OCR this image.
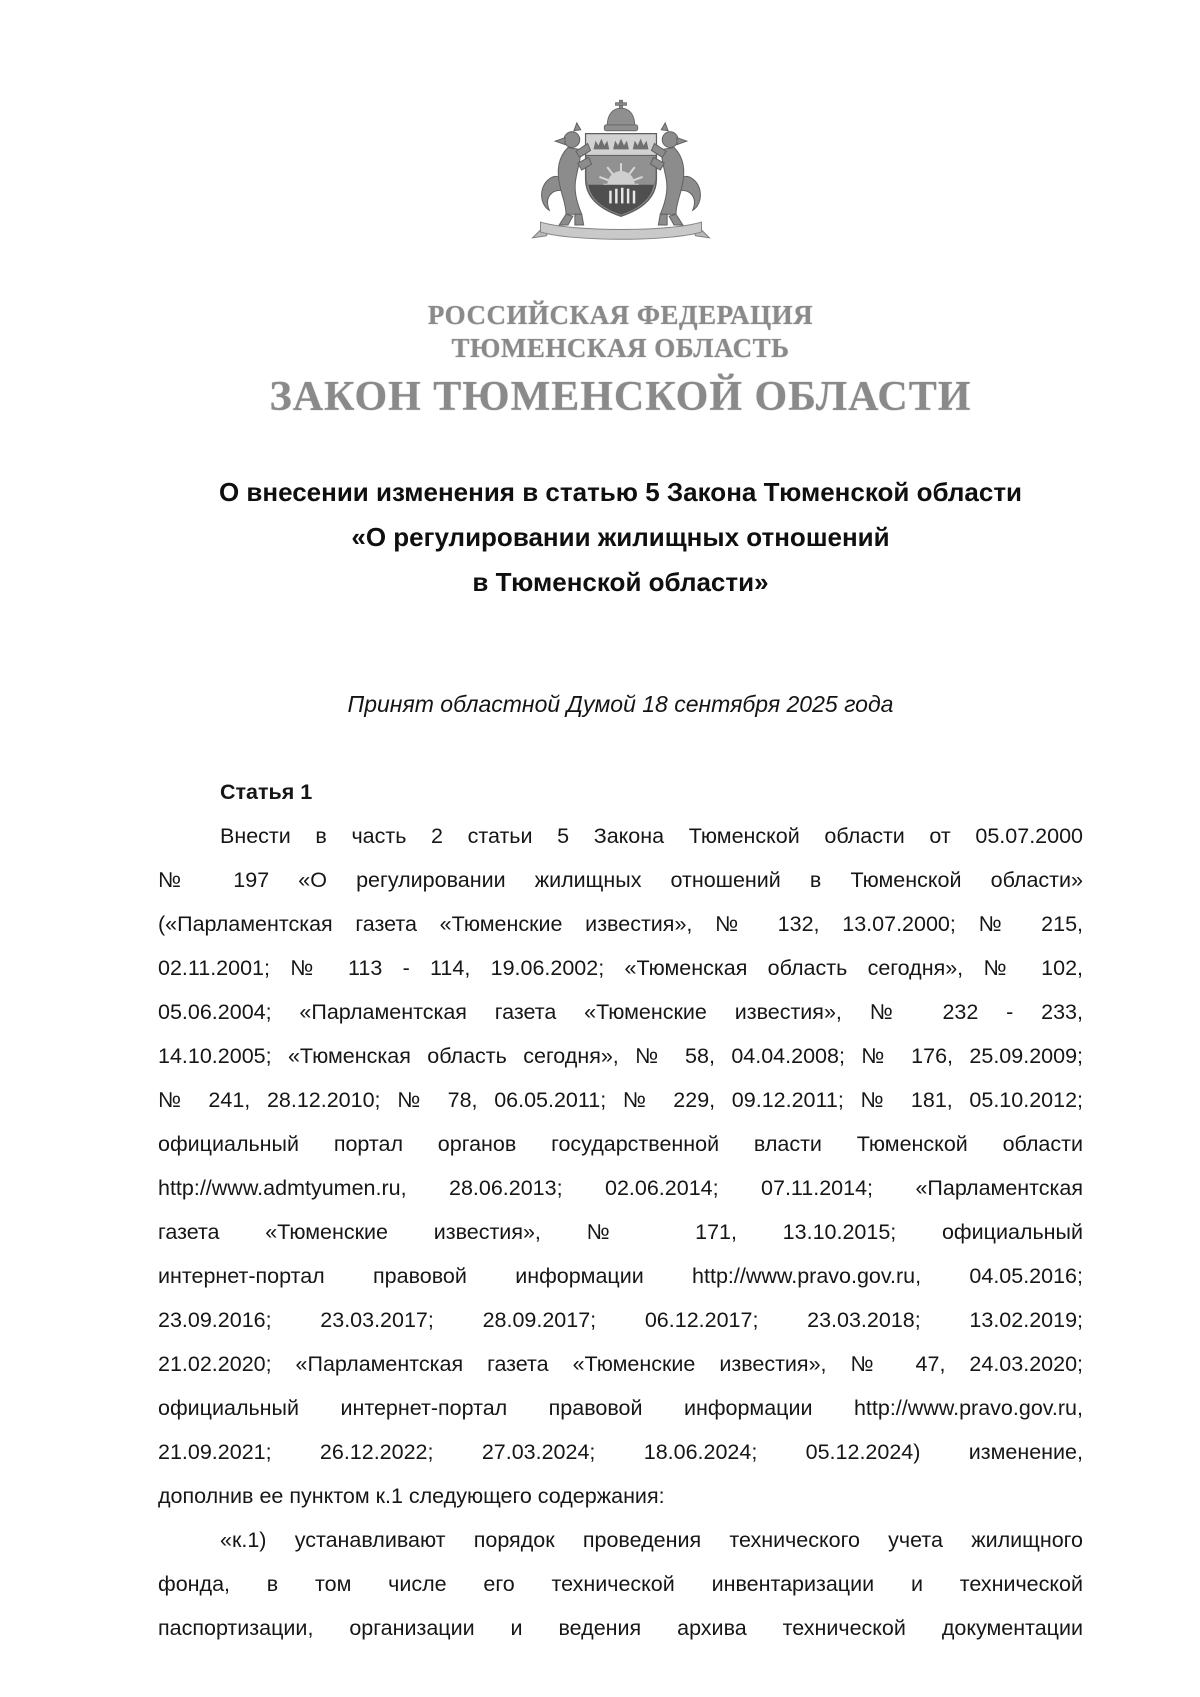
РОССИЙСКАЯ ФЕДЕРАЦИЯ
ТЮМЕНСКАЯ ОБЛАСТЬ
ЗАКОН ТЮМЕНСКОЙ ОБЛАСТИ
О внесении изменения в статью 5 Закона Тюменской области
«О регулировании жилищных отношений
в Тюменской области»
Принят областной Думой 18 сентября 2025 года
Статья 1
Внести в часть 2 статьи 5 Закона Тюменской области от 05.07.2000
№ 197 «О регулировании жилищных отношений в Тюменской области»
(«Парламентская газета «Тюменские известия», № 132, 13.07.2000; № 215,
02.11.2001; № 113 - 114, 19.06.2002; «Тюменская область сегодня», № 102,
05.06.2004; «Парламентская газета «Тюменские известия», № 232 - 233,
14.10.2005; «Тюменская область сегодня», № 58, 04.04.2008; № 176, 25.09.2009;
№ 241, 28.12.2010; № 78, 06.05.2011; № 229, 09.12.2011; № 181, 05.10.2012;
официальный портал органов государственной власти Тюменской области
http://www.admtyumen.ru, 28.06.2013; 02.06.2014; 07.11.2014; «Парламентская
газета «Тюменские известия», № 171, 13.10.2015; официальный
интернет-портал правовой информации http://www.pravo.gov.ru, 04.05.2016;
23.09.2016; 23.03.2017; 28.09.2017; 06.12.2017; 23.03.2018; 13.02.2019;
21.02.2020; «Парламентская газета «Тюменские известия», № 47, 24.03.2020;
официальный интернет-портал правовой информации http://www.pravo.gov.ru,
21.09.2021; 26.12.2022; 27.03.2024; 18.06.2024; 05.12.2024) изменение,
дополнив ее пунктом к.1 следующего содержания:
«к.1) устанавливают порядок проведения технического учета жилищного
фонда, в том числе его технической инвентаризации и технической
паспортизации, организации и ведения архива технической документации
